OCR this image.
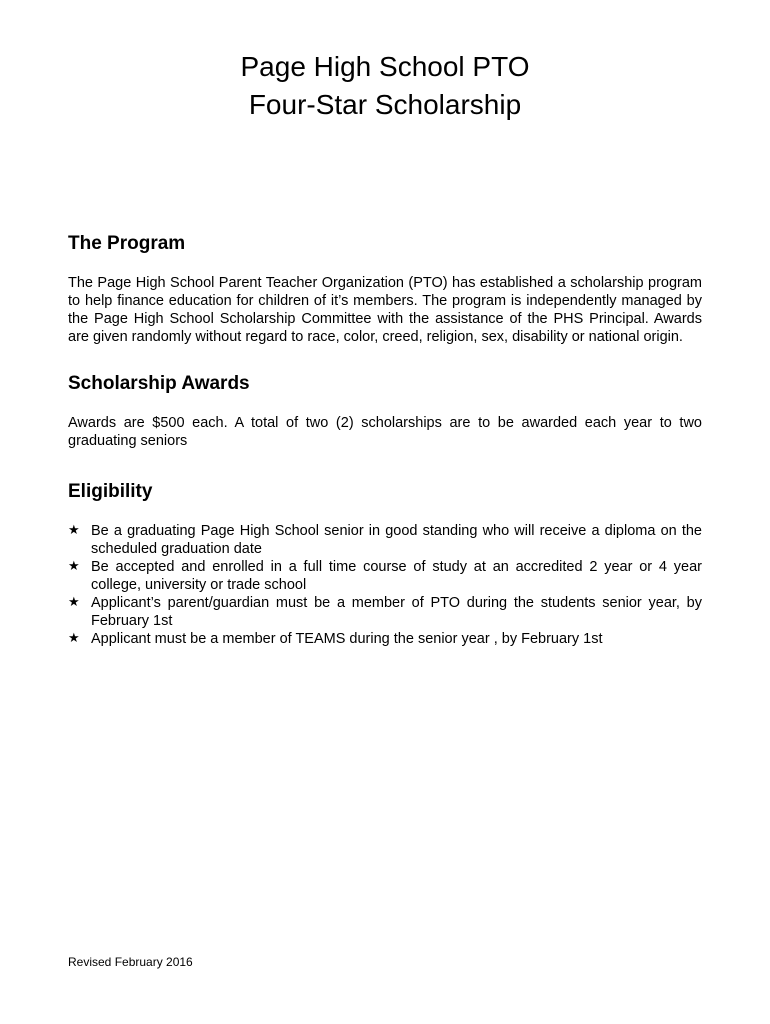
Page High School PTO
Four-Star Scholarship
The Program

The Page High School Parent Teacher Organization (PTO) has established a scholarship program to help finance education for children of it’s members. The program is independently managed by the Page High School Scholarship Committee with the assistance of the PHS Principal. Awards are given randomly without regard to race, color, creed, religion, sex, disability or national origin.

Scholarship Awards

Awards are $500 each. A total of two (2) scholarships are to be awarded each year to two graduating seniors

Eligibility
★ Be a graduating Page High School senior in good standing who will receive a diploma on the scheduled graduation date
★ Be accepted and enrolled in a full time course of study at an accredited 2 year or 4 year college, university or trade school
★ Applicant’s parent/guardian must be a member of PTO during the students senior year, by February 1st
★ Applicant must be a member of TEAMS during the senior year , by February 1st
Revised February 2016
